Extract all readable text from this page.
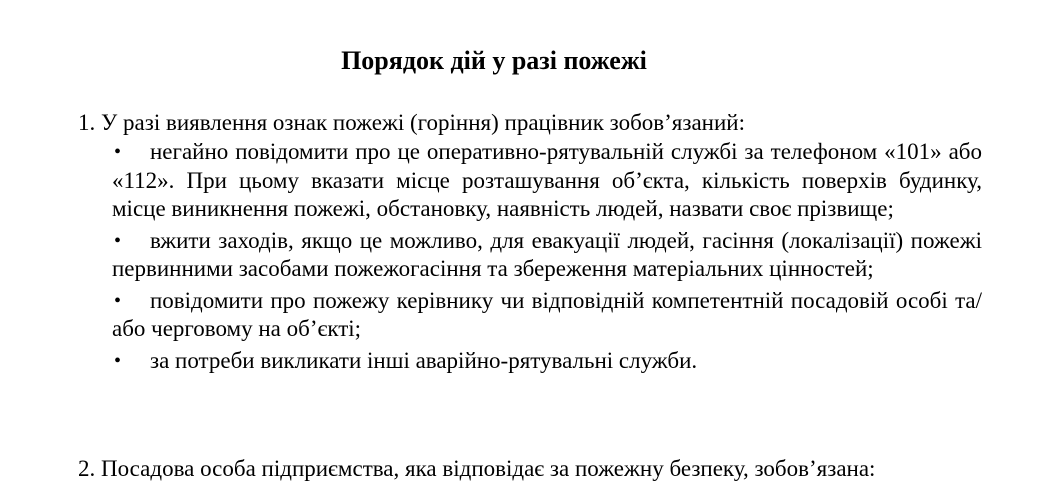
Порядок дій у разі пожежі
1. У разі виявлення ознак пожежі (горіння) працівник зобов’язаний:
• негайно повідомити про це оперативно-рятувальній службі за телефоном «101» або «112». При цьому вказати місце розташування об’єкта, кількість поверхів будинку, місце виникнення пожежі, обстановку, наявність людей, назвати своє прізвище;
• вжити заходів, якщо це можливо, для евакуації людей, гасіння (локалізації) пожежі первинними засобами пожежогасіння та збереження матеріальних цінностей;
• повідомити про пожежу керівнику чи відповідній компетентній посадовій особі та/або черговому на об’єкті;
• за потреби викликати інші аварійно-рятувальні служби.
2. Посадова особа підприємства, яка відповідає за пожежну безпеку, зобов’язана:
